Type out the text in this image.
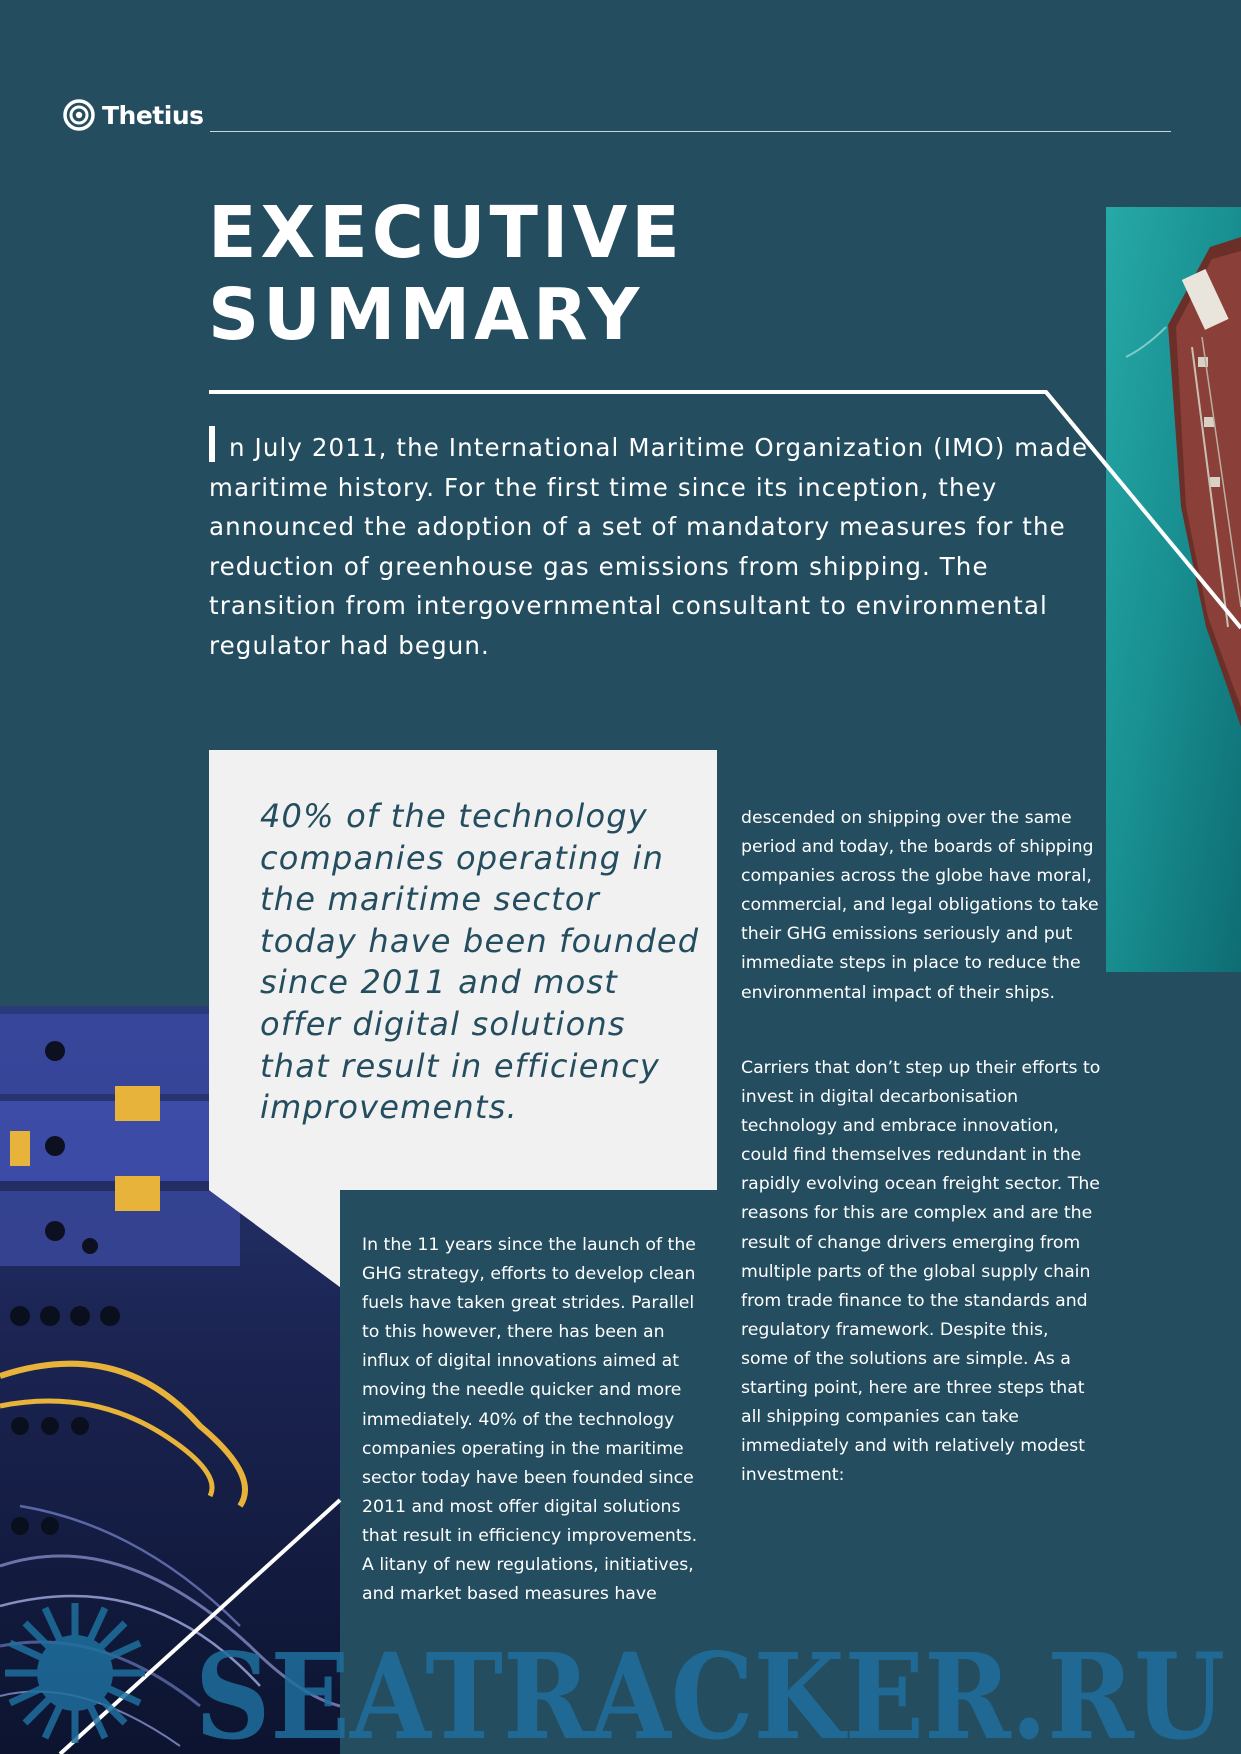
Thetius
EXECUTIVE
SUMMARY

40% of the technology companies operating in the maritime sector today have been founded since 2011 and most offer digital solutions that result in efficiency improvements.

n July 2011, the International Maritime Organization (IMO) made maritime history. For the first time since its inception, they announced the adoption of a set of mandatory measures for the reduction of greenhouse gas emissions from shipping. The transition from intergovernmental consultant to environmental regulator had begun.

In the 11 years since the launch of the GHG strategy, efforts to develop clean fuels have taken great strides. Parallel to this however, there has been an influx of digital innovations aimed at moving the needle quicker and more immediately. 40% of the technology companies operating in the maritime sector today have been founded since 2011 and most offer digital solutions that result in efficiency improvements. A litany of new regulations, initiatives, and market based measures have

descended on shipping over the same period and today, the boards of shipping companies across the globe have moral, commercial, and legal obligations to take their GHG emissions seriously and put immediate steps in place to reduce the environmental impact of their ships.

Carriers that don’t step up their efforts to invest in digital decarbonisation technology and embrace innovation, could find themselves redundant in the rapidly evolving ocean freight sector. The reasons for this are complex and are the result of change drivers emerging from multiple parts of the global supply chain from trade finance to the standards and regulatory framework. Despite this, some of the solutions are simple. As a starting point, here are three steps that all shipping companies can take immediately and with relatively modest investment:

SEATRACKER.RU
